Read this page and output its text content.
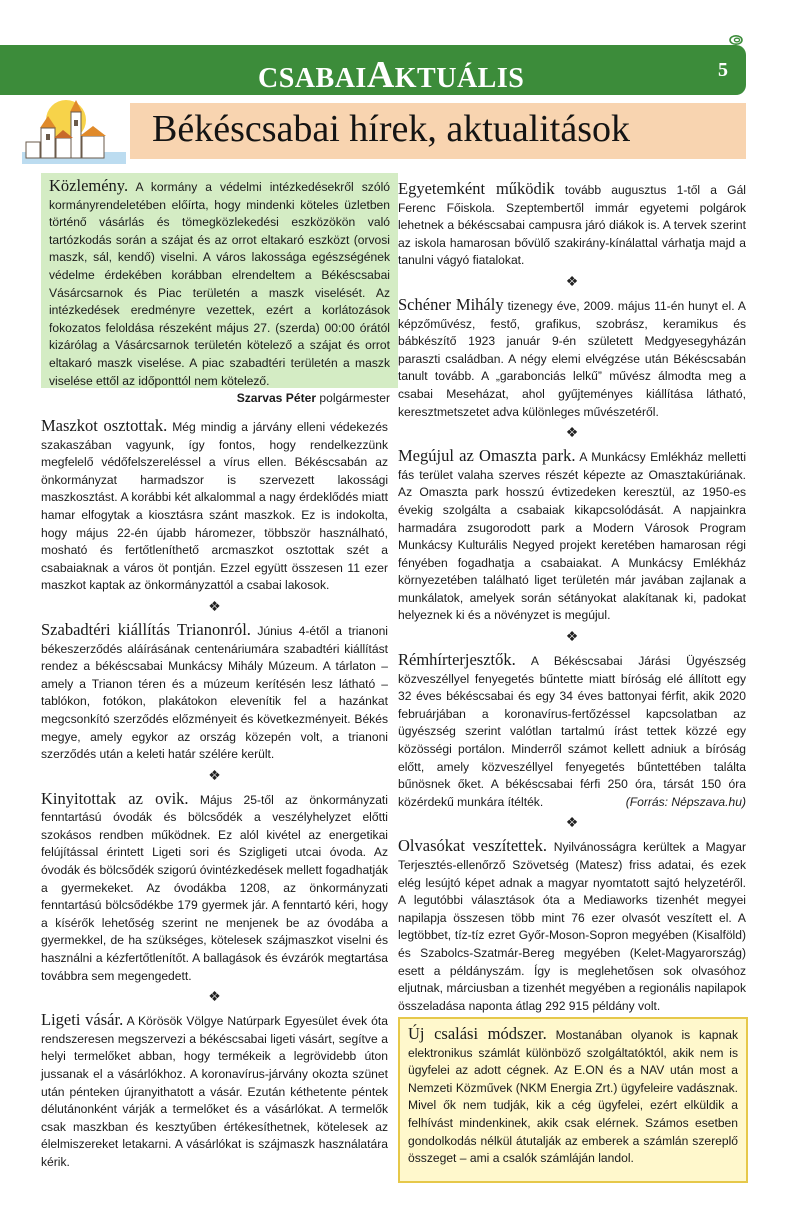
CSABAIAKTUÁLIS	5
Békéscsabai hírek, aktualitások
Közlemény. A kormány a védelmi intézkedésekről szóló kormányrendeletében előírta, hogy mindenki köteles üzletben történő vásárlás és tömegközlekedési eszközökön való tartózkodás során a szájat és az orrot eltakaró eszközt (orvosi maszk, sál, kendő) viselni. A város lakossága egészségének védelme érdekében korábban elrendeltem a Békéscsabai Vásárcsarnok és Piac területén a maszk viselését. Az intézkedések eredményre vezettek, ezért a korlátozások fokozatos feloldása részeként május 27. (szerda) 00:00 órától kizárólag a Vásárcsarnok területén kötelező a szájat és orrot eltakaró maszk viselése. A piac szabadtéri területén a maszk viselése ettől az időponttól nem kötelező.
Szarvas Péter polgármester
Maszkot osztottak. Még mindig a járvány elleni védekezés szakaszában vagyunk, így fontos, hogy rendelkezzünk megfelelő védőfelszereléssel a vírus ellen. Békéscsabán az önkormányzat harmadszor is szervezett lakossági maszkosztást. A korábbi két alkalommal a nagy érdeklődés miatt hamar elfogytak a kiosztásra szánt maszkok. Ez is indokolta, hogy május 22-én újabb háromezer, többször használható, mosható és fertőtleníthető arcmaszkot osztottak szét a csabaiaknak a város öt pontján. Ezzel együtt összesen 11 ezer maszkot kaptak az önkormányzattól a csabai lakosok.
❖
Szabadtéri kiállítás Trianonról. Június 4-étől a trianoni békeszerződés aláírásának centenáriumára szabadtéri kiállítást rendez a békéscsabai Munkácsy Mihály Múzeum. A tárlaton – amely a Trianon téren és a múzeum kerítésén lesz látható – tablókon, fotókon, plakátokon elevenítik fel a hazánkat megcsonkító szerződés előzményeit és következményeit. Békés megye, amely egykor az ország közepén volt, a trianoni szerződés után a keleti határ szélére került.
❖
Kinyitottak az ovik. Május 25-től az önkormányzati fenntartású óvodák és bölcsődék a veszélyhelyzet előtti szokásos rendben működnek. Ez alól kivétel az energetikai felújítással érintett Ligeti sori és Szigligeti utcai óvoda. Az óvodák és bölcsődék szigorú óvintézkedések mellett fogadhatják a gyermekeket. Az óvodákba 1208, az önkormányzati fenntartású bölcsődékbe 179 gyermek jár. A fenntartó kéri, hogy a kísérők lehetőség szerint ne menjenek be az óvodába a gyermekkel, de ha szükséges, kötelesek szájmaszkot viselni és használni a kézfertőtlenítőt. A ballagások és évzárók megtartása továbbra sem megengedett.
❖
Ligeti vásár. A Körösök Völgye Natúrpark Egyesület évek óta rendszeresen megszervezi a békéscsabai ligeti vásárt, segítve a helyi termelőket abban, hogy termékeik a legrövidebb úton jussanak el a vásárlókhoz. A koronavírus-járvány okozta szünet után pénteken újranyithatott a vásár. Ezután kéthetente péntek délutánonként várják a termelőket és a vásárlókat. A termelők csak maszkban és kesztyűben értékesíthetnek, kötelesek az élelmiszereket letakarni. A vásárlókat is szájmaszk használatára kérik.
Egyetemként működik tovább augusztus 1-től a Gál Ferenc Főiskola. Szeptembertől immár egyetemi polgárok lehetnek a békéscsabai campusra járó diákok is. A tervek szerint az iskola hamarosan bővülő szakirány-kínálattal várhatja majd a tanulni vágyó fiatalokat.
❖
Schéner Mihály tizenegy éve, 2009. május 11-én hunyt el. A képzőművész, festő, grafikus, szobrász, keramikus és bábkészítő 1923 január 9-én született Medgyesegyházán paraszti családban. A négy elemi elvégzése után Békéscsabán tanult tovább. A „garabonciás lelkű” művész álmodta meg a csabai Meseházat, ahol gyűjteményes kiállítása látható, keresztmetszetet adva különleges művészetéről.
❖
Megújul az Omaszta park. A Munkácsy Emlékház melletti fás terület valaha szerves részét képezte az Omasztakúriának. Az Omaszta park hosszú évtizedeken keresztül, az 1950-es évekig szolgálta a csabaiak kikapcsolódását. A napjainkra harmadára zsugorodott park a Modern Városok Program Munkácsy Kulturális Negyed projekt keretében hamarosan régi fényében fogadhatja a csabaiakat. A Munkácsy Emlékház környezetében található liget területén már javában zajlanak a munkálatok, amelyek során sétányokat alakítanak ki, padokat helyeznek ki és a növényzet is megújul.
❖
Rémhírterjesztők. A Békéscsabai Járási Ügyészség közveszéllyel fenyegetés bűntette miatt bíróság elé állított egy 32 éves békéscsabai és egy 34 éves battonyai férfit, akik 2020 februárjában a koronavírus-fertőzéssel kapcsolatban az ügyészség szerint valótlan tartalmú írást tettek közzé egy közösségi portálon. Minderről számot kellett adniuk a bíróság előtt, amely közveszéllyel fenyegetés bűntettében találta bűnösnek őket. A békéscsabai férfi 250 óra, társát 150 óra közérdekű munkára ítélték.	(Forrás: Népszava.hu)
❖
Olvasókat veszítettek. Nyilvánosságra kerültek a Magyar Terjesztés-ellenőrző Szövetség (Matesz) friss adatai, és ezek elég lesújtó képet adnak a magyar nyomtatott sajtó helyzetéről. A legutóbbi választások óta a Mediaworks tizenhét megyei napilapja összesen több mint 76 ezer olvasót veszített el. A legtöbbet, tíz-tíz ezret Győr-Moson-Sopron megyében (Kisalföld) és Szabolcs-Szatmár-Bereg megyében (Kelet-Magyarország) esett a példányszám. Így is meglehetősen sok olvasóhoz eljutnak, márciusban a tizenhét megyében a regionális napilapok összeladása naponta átlag 292 915 példány volt.
Új csalási módszer. Mostanában olyanok is kapnak elektronikus számlát különböző szolgáltatóktól, akik nem is ügyfelei az adott cégnek. Az E.ON és a NAV után most a Nemzeti Közművek (NKM Energia Zrt.) ügyfeleire vadásznak. Mivel ők nem tudják, kik a cég ügyfelei, ezért elküldik a felhívást mindenkinek, akik csak elérnek. Számos esetben gondolkodás nélkül átutalják az emberek a számlán szereplő összeget – ami a csalók számláján landol.
